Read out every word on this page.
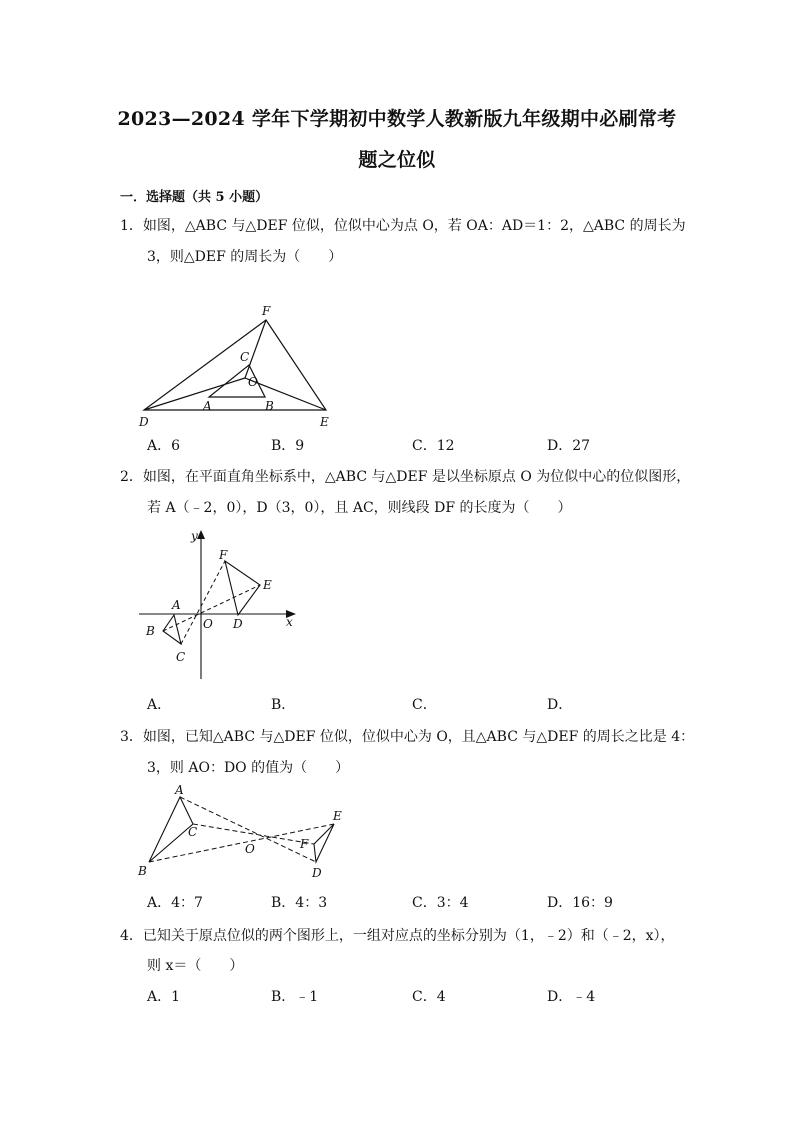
2023—2024 学年下学期初中数学人教新版九年级期中必刷常考
题之位似
一．选择题（共 5 小题）
1．如图，△ABC 与△DEF 位似，位似中心为点 O，若 OA：AD＝1：2，△ABC 的周长为
3，则△DEF 的周长为（　　）
F
C
O
A	B
D	E
A．6	B．9	C．12	D．27
2．如图，在平面直角坐标系中，△ABC 与△DEF 是以坐标原点 O 为位似中心的位似图形，
若 A（﹣2，0），D（3，0），且 AC，则线段 DF 的长度为（　　）
y
x
F
E
A
O D
B
C
A．	B．	C．	D．
3．如图，已知△ABC 与△DEF 位似，位似中心为 O，且△ABC 与△DEF 的周长之比是 4：
3，则 AO：DO 的值为（　　）
A
C
B
O
E
F
D
A．4：7	B．4：3	C．3：4	D．16：9
4．已知关于原点位似的两个图形上，一组对应点的坐标分别为（1，﹣2）和（﹣2，x），
则 x＝（　　）
A．1	B．﹣1	C．4	D．﹣4
